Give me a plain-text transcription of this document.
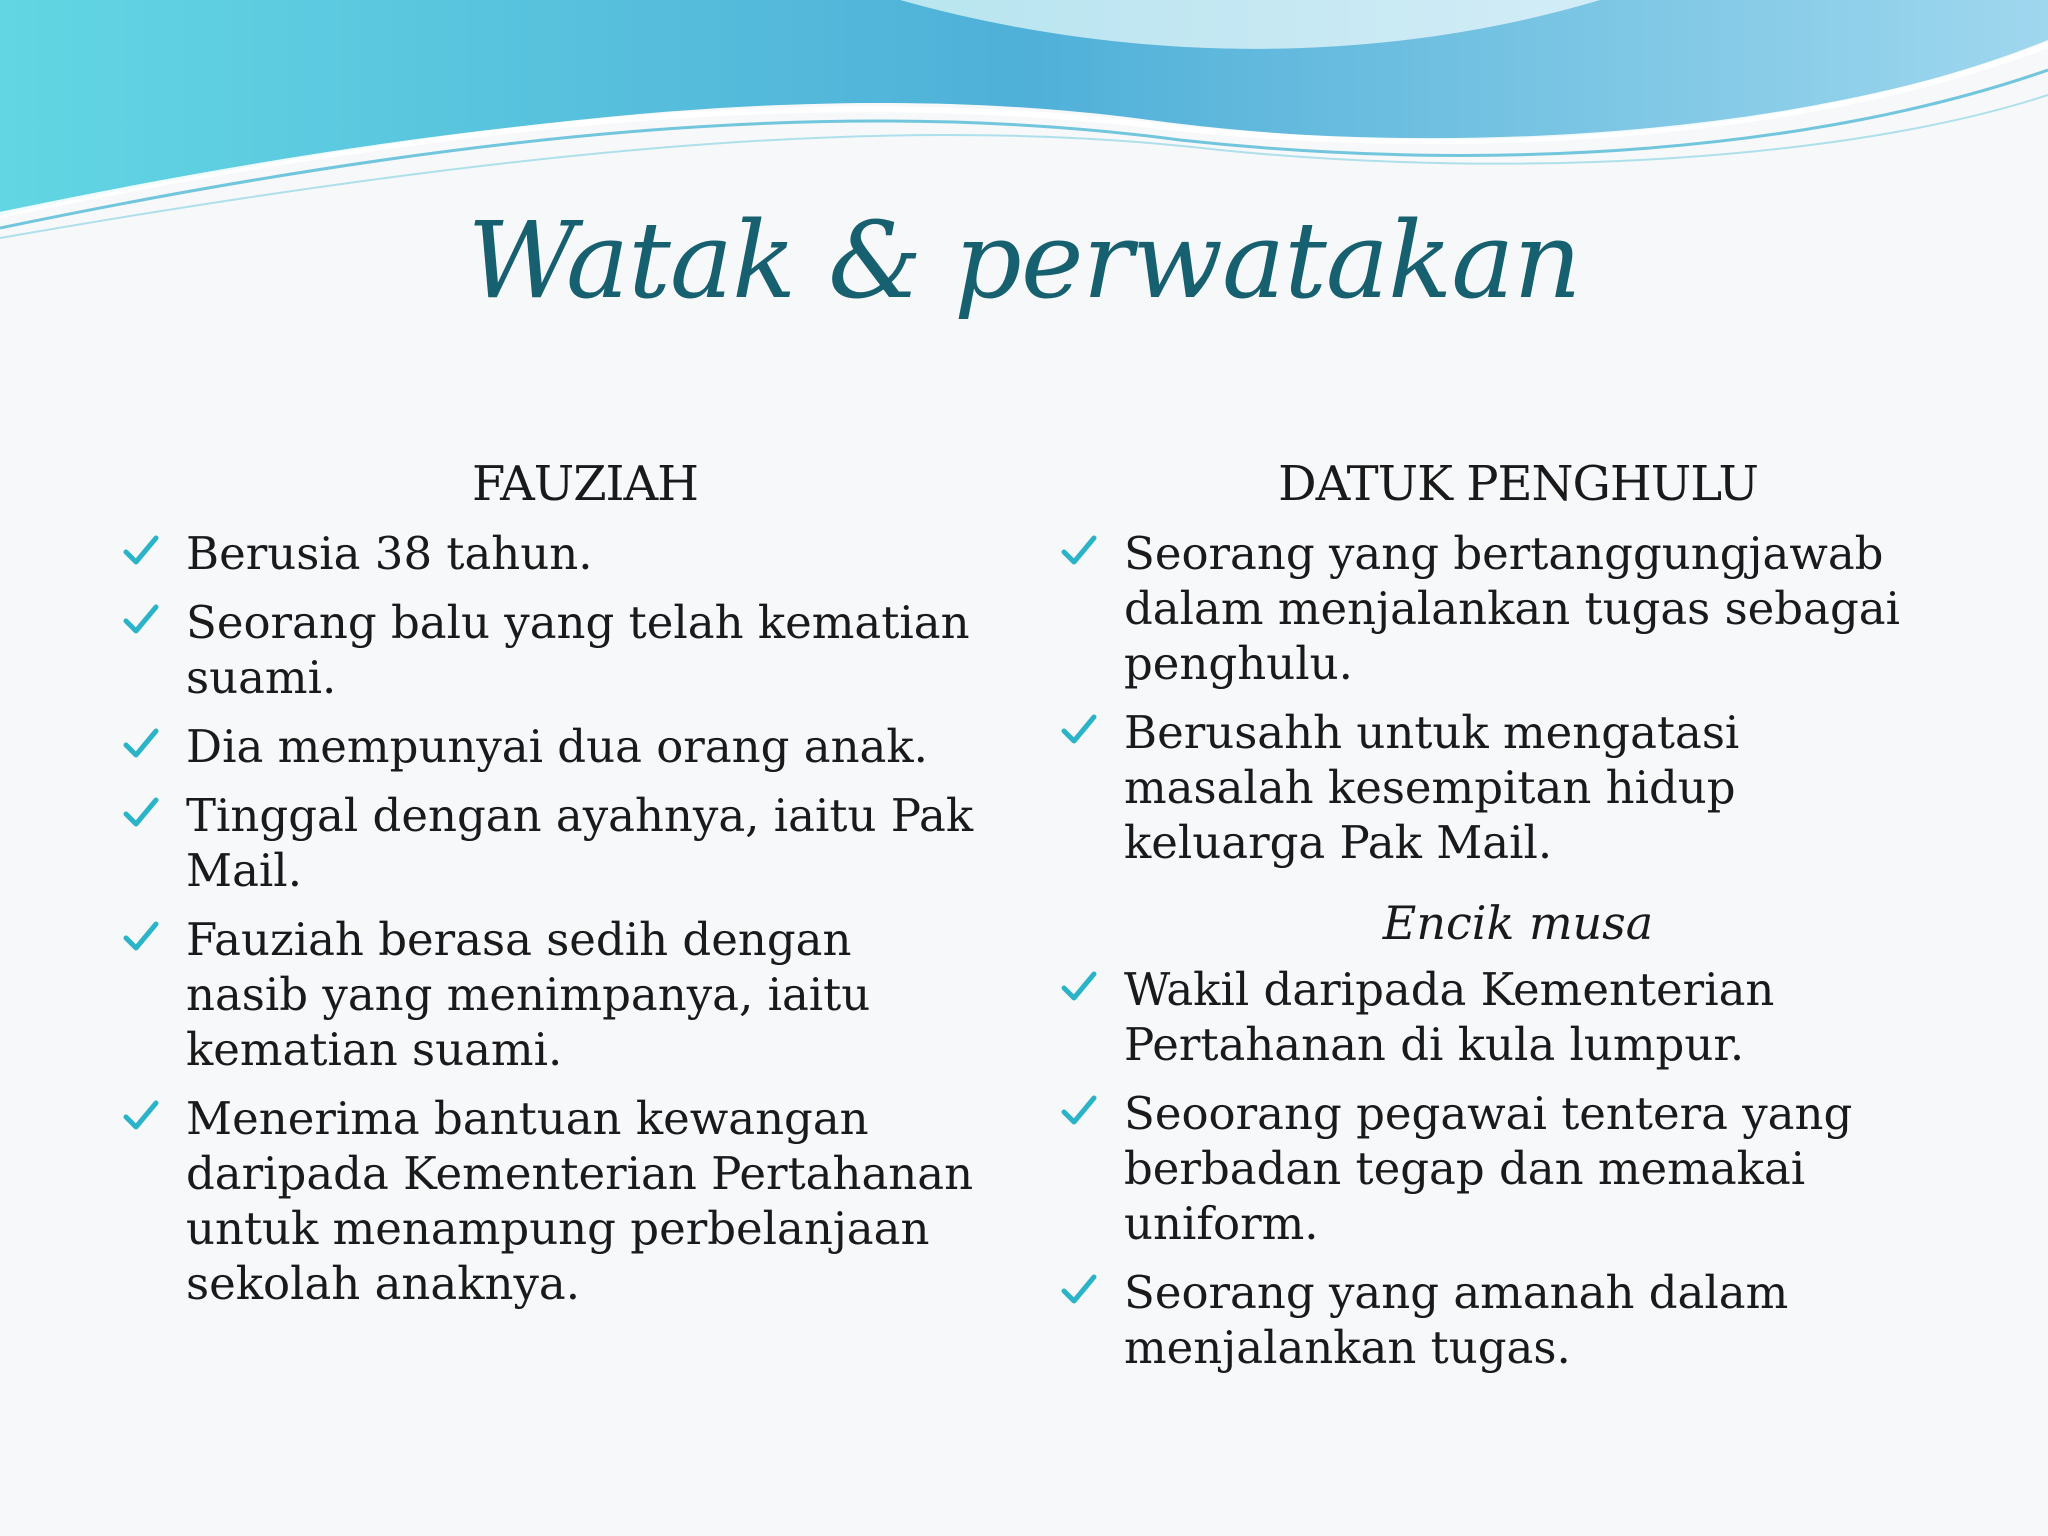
Watak & perwatakan
FAUZIAH
Berusia 38 tahun.
Seorang balu yang telah kematian suami.
Dia mempunyai dua orang anak.
Tinggal dengan ayahnya, iaitu Pak Mail.
Fauziah berasa sedih dengan nasib yang menimpanya, iaitu kematian suami.
Menerima bantuan kewangan daripada Kementerian Pertahanan untuk menampung perbelanjaan sekolah anaknya.
DATUK PENGHULU
Seorang yang bertanggungjawab dalam menjalankan tugas sebagai penghulu.
Berusahh untuk mengatasi masalah kesempitan hidup keluarga Pak Mail.
Encik musa
Wakil daripada Kementerian Pertahanan di kula lumpur.
Seoorang pegawai tentera yang berbadan tegap dan memakai uniform.
Seorang yang amanah dalam menjalankan tugas.
